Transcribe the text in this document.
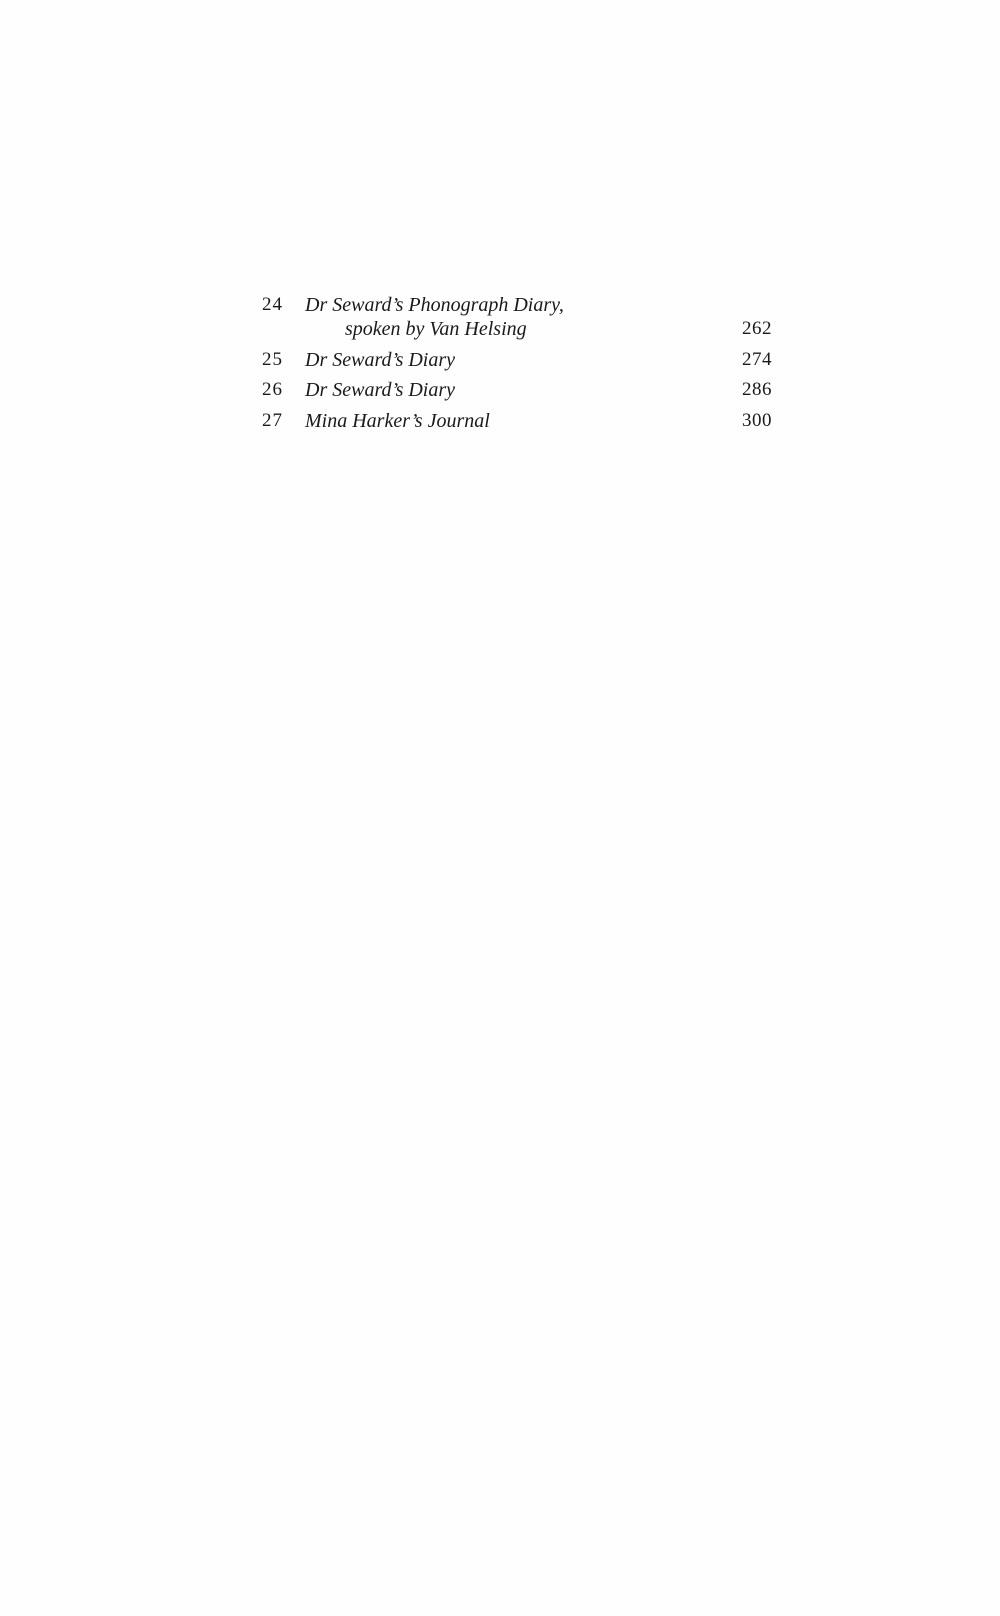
24	Dr Seward’s Phonograph Diary,
spoken by Van Helsing	262
25	Dr Seward’s Diary	274
26	Dr Seward’s Diary	286
27	Mina Harker’s Journal	300
